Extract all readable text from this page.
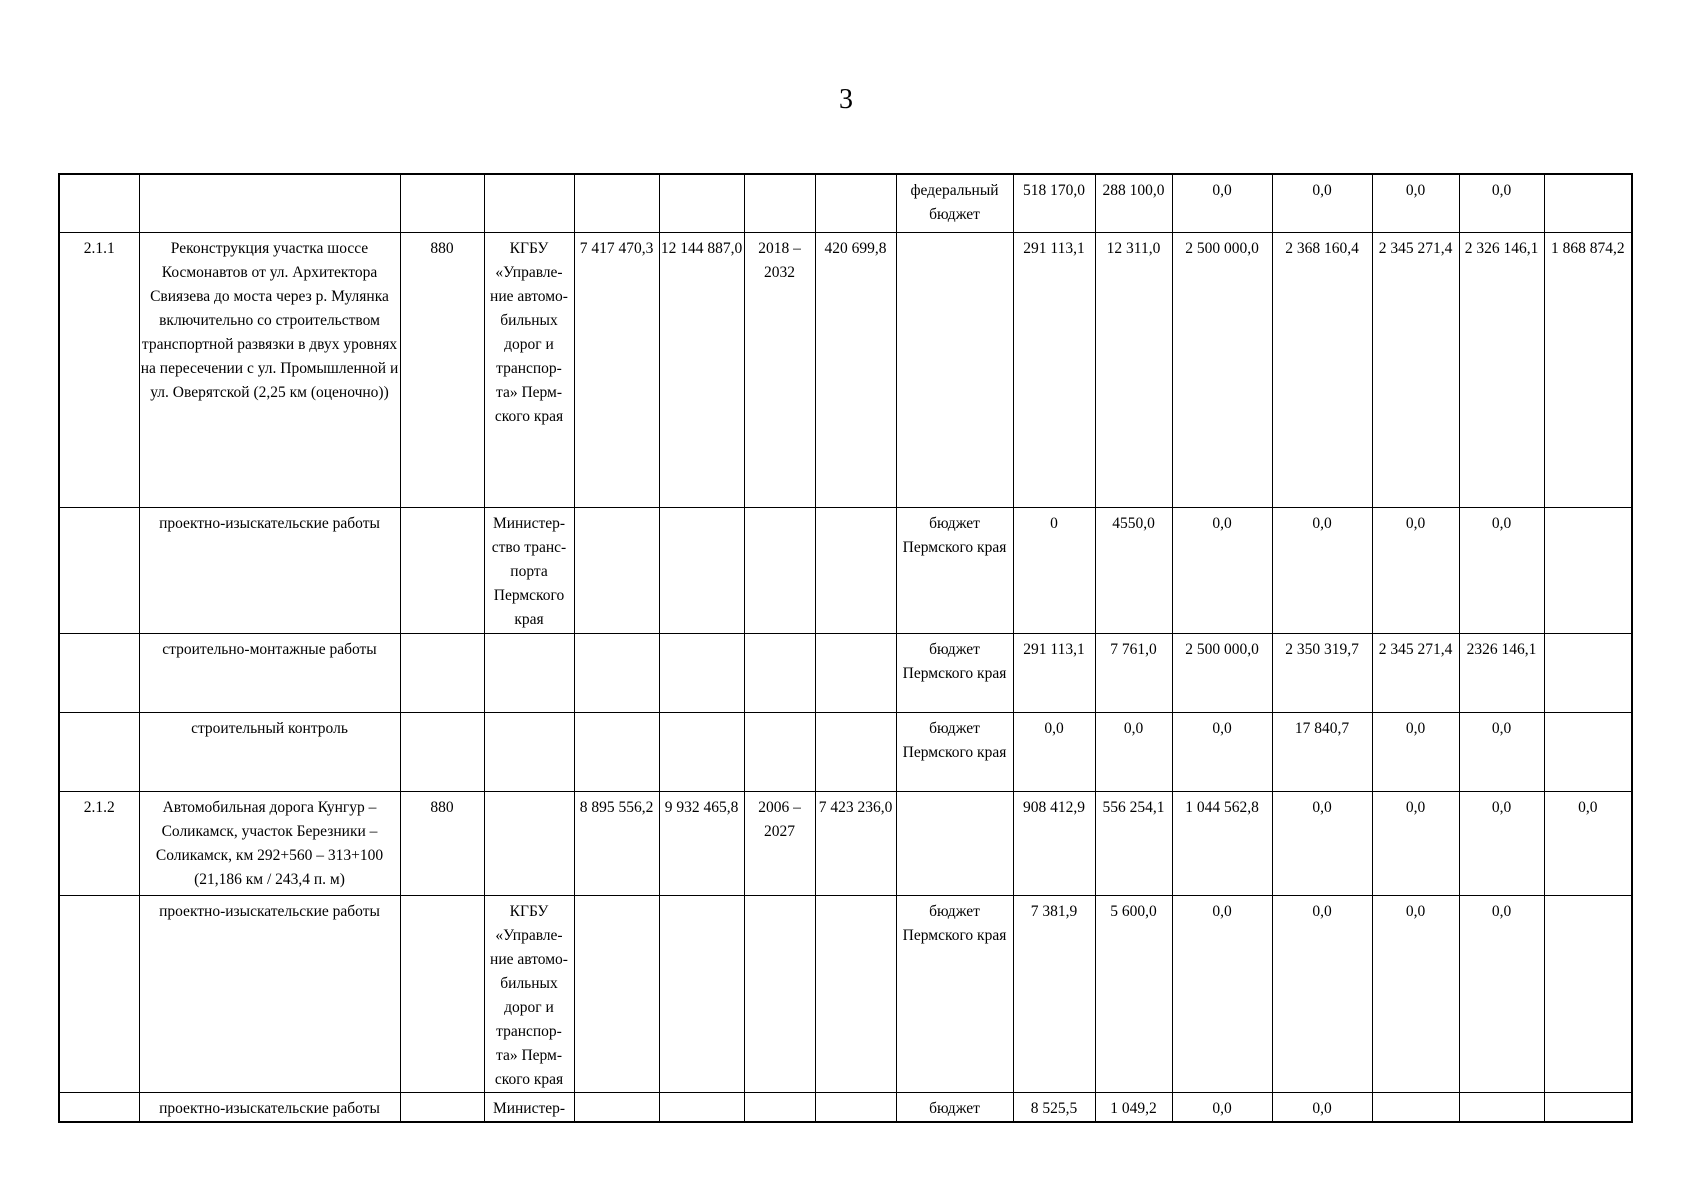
3
								федеральный бюджет	518 170,0	288 100,0	0,0	0,0	0,0	0,0	
2.1.1	Реконструкция участка шоссе Космонавтов от ул. Архитектора Свиязева до моста через р. Мулянка включительно со строительством транспортной развязки в двух уровнях на пересечении с ул. Промышленной и ул. Оверятской (2,25 км (оценочно))	880	КГБУ «Управле-ние автомо-бильных дорог и транспор-та» Перм-ского края	7 417 470,3	12 144 887,0	2018 – 2032	420 699,8		291 113,1	12 311,0	2 500 000,0	2 368 160,4	2 345 271,4	2 326 146,1	1 868 874,2
	проектно-изыскательские работы		Министер-ство транс-порта Пермского края					бюджет Пермского края	0	4550,0	0,0	0,0	0,0	0,0	
	строительно-монтажные работы							бюджет Пермского края	291 113,1	7 761,0	2 500 000,0	2 350 319,7	2 345 271,4	2326 146,1	
	строительный контроль							бюджет Пермского края	0,0	0,0	0,0	17 840,7	0,0	0,0	
2.1.2	Автомобильная дорога Кунгур – Соликамск, участок Березники – Соликамск, км 292+560 – 313+100 (21,186 км / 243,4 п. м)	880		8 895 556,2	9 932 465,8	2006 – 2027	7 423 236,0		908 412,9	556 254,1	1 044 562,8	0,0	0,0	0,0	0,0
	проектно-изыскательские работы		КГБУ «Управле-ние автомо-бильных дорог и транспор-та» Перм-ского края					бюджет Пермского края	7 381,9	5 600,0	0,0	0,0	0,0	0,0	
	проектно-изыскательские работы		Министер-					бюджет	8 525,5	1 049,2	0,0	0,0			
